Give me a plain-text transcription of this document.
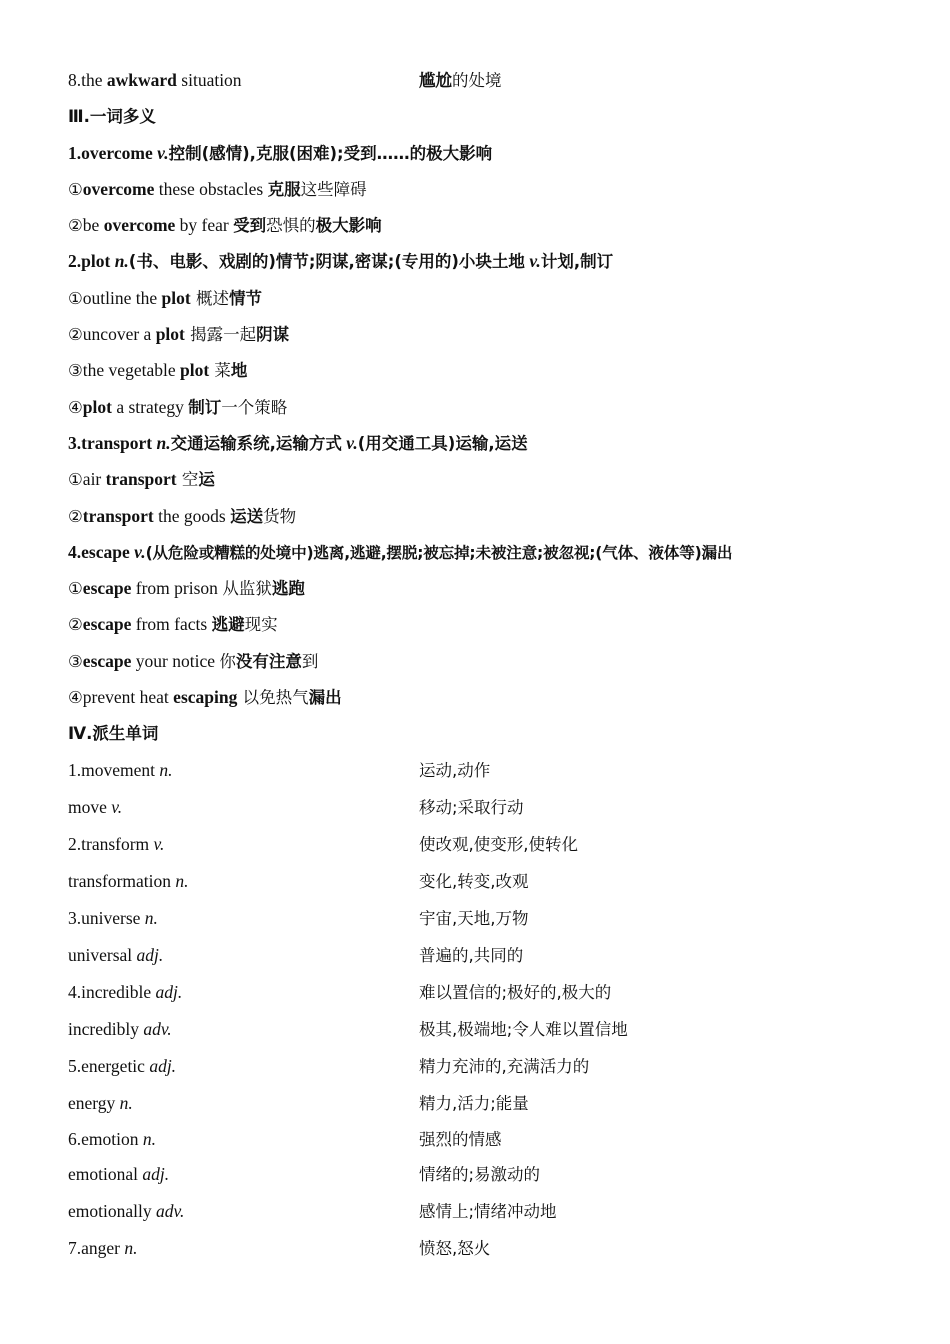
8.the awkward situation	尴尬的处境
Ⅲ.一词多义
1.overcome v.控制(感情),克服(困难);受到……的极大影响
①overcome these obstacles 克服这些障碍
②be overcome by fear 受到恐惧的极大影响
2.plot n.(书、电影、戏剧的)情节;阴谋,密谋;(专用的)小块土地 v.计划,制订
①outline the plot 概述情节
②uncover a plot 揭露一起阴谋
③the vegetable plot 菜地
④plot a strategy 制订一个策略
3.transport n.交通运输系统,运输方式 v.(用交通工具)运输,运送
①air transport 空运
②transport the goods 运送货物
4.escape v.(从危险或糟糕的处境中)逃离,逃避,摆脱;被忘掉;未被注意;被忽视;(气体、液体等)漏出
①escape from prison 从监狱逃跑
②escape from facts 逃避现实
③escape your notice 你没有注意到
④prevent heat escaping 以免热气漏出
Ⅳ.派生单词
1.movement n.	运动,动作
move v.	移动;采取行动
2.transform v.	使改观,使变形,使转化
transformation n.	变化,转变,改观
3.universe n.	宇宙,天地,万物
universal adj.	普遍的,共同的
4.incredible adj.	难以置信的;极好的,极大的
incredibly adv.	极其,极端地;令人难以置信地
5.energetic adj.	精力充沛的,充满活力的
energy n.	精力,活力;能量
6.emotion n.	强烈的情感
emotional adj.	情绪的;易激动的
emotionally adv.	感情上;情绪冲动地
7.anger n.	愤怒,怒火
